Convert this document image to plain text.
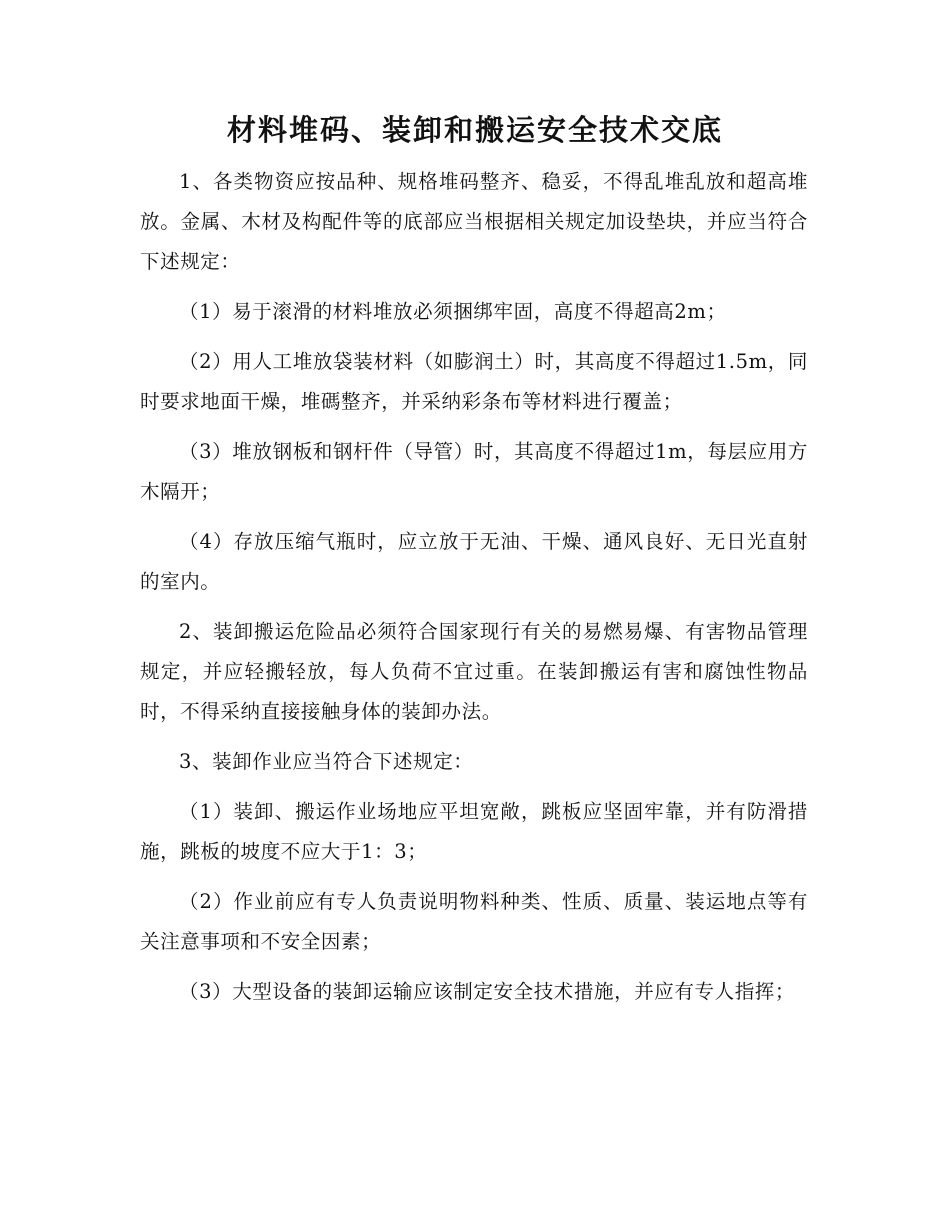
材料堆码、装卸和搬运安全技术交底

1、各类物资应按品种、规格堆码整齐、稳妥，不得乱堆乱放和超高堆放。金属、木材及构配件等的底部应当根据相关规定加设垫块，并应当符合下述规定：

（1）易于滚滑的材料堆放必须捆绑牢固，高度不得超高2m；

（2）用人工堆放袋装材料（如膨润土）时，其高度不得超过1.5m，同时要求地面干燥，堆碼整齐，并采纳彩条布等材料进行覆盖；

（3）堆放钢板和钢杆件（导管）时，其高度不得超过1m，每层应用方木隔开；

（4）存放压缩气瓶时，应立放于无油、干燥、通风良好、无日光直射的室内。

2、装卸搬运危险品必须符合国家现行有关的易燃易爆、有害物品管理规定，并应轻搬轻放，每人负荷不宜过重。在装卸搬运有害和腐蚀性物品时，不得采纳直接接触身体的装卸办法。

3、装卸作业应当符合下述规定：

（1）装卸、搬运作业场地应平坦宽敞，跳板应坚固牢靠，并有防滑措施，跳板的坡度不应大于1：3；

（2）作业前应有专人负责说明物料种类、性质、质量、装运地点等有关注意事项和不安全因素；

（3）大型设备的装卸运输应该制定安全技术措施，并应有专人指挥；
